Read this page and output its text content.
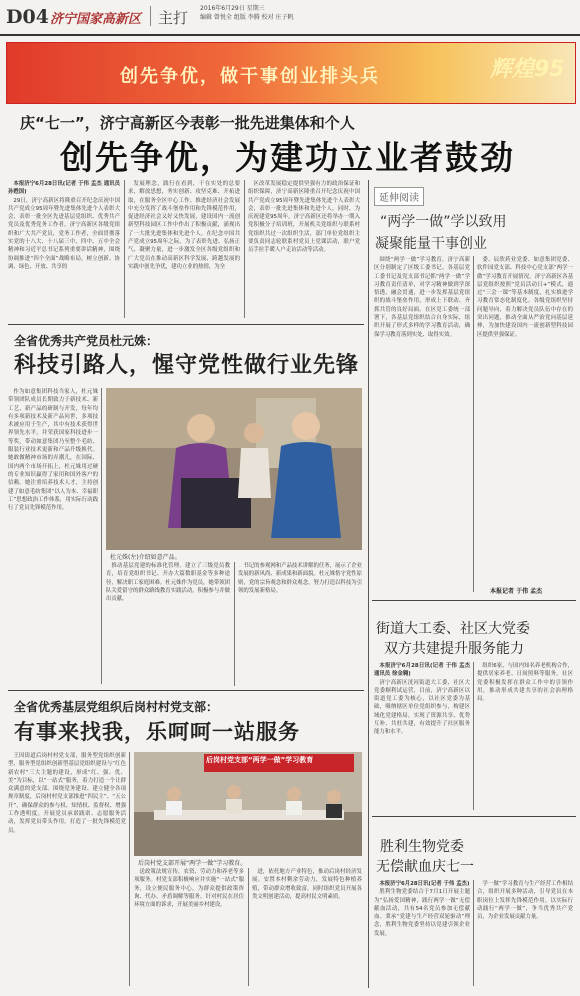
D04 济宁国家高新区 主打
2016年6月29日 星期三
编辑 曾悦全 组版 李腾 校对 庄子帆
创先争优，做干事创业排头兵	辉煌95
庆“七一”，济宁高新区今表彰一批先进集体和个人
创先争优，为建功立业者鼓劲

本报济宁6月28日讯(记者 于伟 孟杰 通讯员 孙甦国)

29日，济宁高新区将隆重召开纪念庆祝中国共产党成立95周年暨先进集体先进个人表彰大会，表彰一批全区先进基层党组织、优秀共产党员及优秀党务工作者。济宁高新区各级党组织和广大共产党员，党务工作者，全面贯彻落实党的十八大、十八届三中、四中、五中全会精神和习近平总书记系列重要讲话精神，围绕协调推进“四个全面”战略布局，树立创新、协调、绿色、开放、共享的

发展理念，践行在看到，干在实处的总要求，解放思想，务实创新、攻坚克难、开拓进取，在服务全区中心工作、推进经济社会发展中充分发挥了战斗堡垒作用和先锋模范作用，促进经济社会又好又快发展，建设国内一流创新型科技园区工作中作出了积极贡献，涌现出了一大批先进集体和先进个人。在纪念中国共产党成立95周年之际，为了表彰先进、弘扬正气、凝聚力量，进一步激发全区各级党组织和广大党员在推动高新区科学发展、跨越发展的实践中创先争优，建功立业的热情，为全

区改革发展稳定提供坚强有力的政治保证和组织保障，济宁高新区隆重召开纪念庆祝中国共产党成立95周年暨先进集体先进个人表彰大会，表彰一批先进集体和先进个人。同时，为庆祝建党95周年，济宁高新区还将举办一期入党积极分子培训班，开展机关党组织与联系村党组织共过一次组织生活，部门单位党组织主要负责同志轮联系村党员上党课活动，联户党员手拉手暖人户走访活动等活动。

全省优秀共产党员杜元姝：
科技引路人，惺守党性做行业先锋

作为如意集团科技当家人，杜元姝带领团队成员长期致力于新技术、新工艺、新产品的研制与开发，每年均有多项新技术及新产品问世，多项技术被应用于生产，其中有技术获得世界领先水平，并荣获国家科技进步一等奖，带动如意集团乃至整个毛纺、服装行业技术更新和产品升级换代。她敢做精神市场的弄潮儿，在国际、国内两个市场开拓上，杜元姝用过硬的专业知识赢得了家用和国外客户的信赖。她注重培养技术人才，主持创建了如意毛纺集团“以人为本、幸福职工”思想政治工作体系，用实际行动践行了党员先锋模范作用。

杜元姝(左)介绍如意产品。

推动基层党建的标准化管理。建立了三级党员教育，培育党组织书记、开办大篇数职基金等多种途径，解决职工家庭困难。杜元姝作为党员，她带领团队关爱留守的群众路线教育实践活动，积极参与并做出贡献。

书记的参观网和产品技术讲解的任务，展示了企业发展的新风尚、新成果和新面貌。杜元姝恪守党性原则，党的宗旨观念和群众观念，努力打造以科技为引领的发展新格局。

全省优秀基层党组织后岗村村党支部：
有事来找我，乐呵呵一站服务

王因街道后岗村村党支部，服务型党组织创新型、服务型党组织创新型基层党组织建设与“红色新农村”三大主题的建设，形成“红、强、优、美”为目标，以“一站式”服务，着力打造一个让群众满意的党支部。围绕党务建设、建立健全各项规章制度，后岗村村党支部推进“四民主”、“五公开”，确保群众的参与权、知情权、监督权、增强工作透明度。开展党员承诺践诺、志愿服务活动，发挥党员带头作用。打造了一批先锋模范党员。

后岗村党支部“两学一做”学习教育
后岗村党支部开展“两学一做”学习教育。

送政策法规宣传，农资、劳动力和养老等多项服务。村党支部积极响应并实施“一站式”服务，设立便民服务中心，为群众提供政策咨询、代办、矛盾调解等服务。针对村民在居住环境方面的诉求，开展美丽乡村建设。

进，依托地方产业特色，推动后岗村经济发展。安置本村剩余劳动力，发展特色种植养殖，带动群众增收致富，同时组织党员开展各类文明创建活动，提高村民文明素质。

延伸阅读
“两学一做”学以致用
凝聚能量干事创业

围绕“两学一做”学习教育，济宁高新区分别制定了区级工委书记、各基层党工委书记及党支部书记抓“两学一做”学习教育责任清单，对学习精神做到学深悟透、融会贯通，进一步发挥基层党组织的战斗堡垒作用，形成上下联动、齐抓共管的良好局面。在区党工委统一部署下，各基层党组织结合自身实际，组织开展了形式多样的学习教育活动，确保学习教育落到实处、取得实效。

委、辰欣药业党委、如意集团党委、软件园党支部、科技中心党支部“两学一做”学习教育开展情况。济宁高新区各基层党组织按照“党员活动日+”模式，通过“三会一课”等基本制度，扎实推进学习教育常态化制度化。各级党组织坚持问题导向，着力解决党员队伍中存在的突出问题，推动全面从严治党向基层延伸，为加快建设国内一流创新型科技园区提供坚强保证。

本报记者 于伟 孟杰
街道大工委、社区大党委
双方共建提升服务能力

本报济宁6月28日讯(记者 于伟 孟杰 通讯员 徐金翱)

济宁高新区洸河街道大工委、社区大党委顺利试运营，目前，济宁高新区以街道党工委为核心，以社区党委为基础，吸纳辖区单位党组织参与，构建区域化党建格局，实现了资源共享、优势互补、共驻共建，有效提升了社区服务能力和水平。

组织6家，与国内知名养老机构合作，提供居家养老、日间照料等服务。社区党委积极发挥在群众工作中的引领作用，推动形成共建共享的社会治理格局。

胜利生物党委
无偿献血庆七一

本报济宁6月28日讯(记者 于伟 孟杰)

胜利生物党委结合于7月1日开展主题为“弘扬爱国精神，践行两学一做”无偿献血活动，共有54名党员参加无偿献血。秉承“党建与生产经营双轮驱动”理念，胜利生物党委坚持以党建引领企业发展。

学一做”学习教育与生产经营工作相结合，组织开展多种活动，引导党员在本职岗位上发挥先锋模范作用，以实际行动践行“两学一做”，争当优秀共产党员，为企业发展贡献力量。
